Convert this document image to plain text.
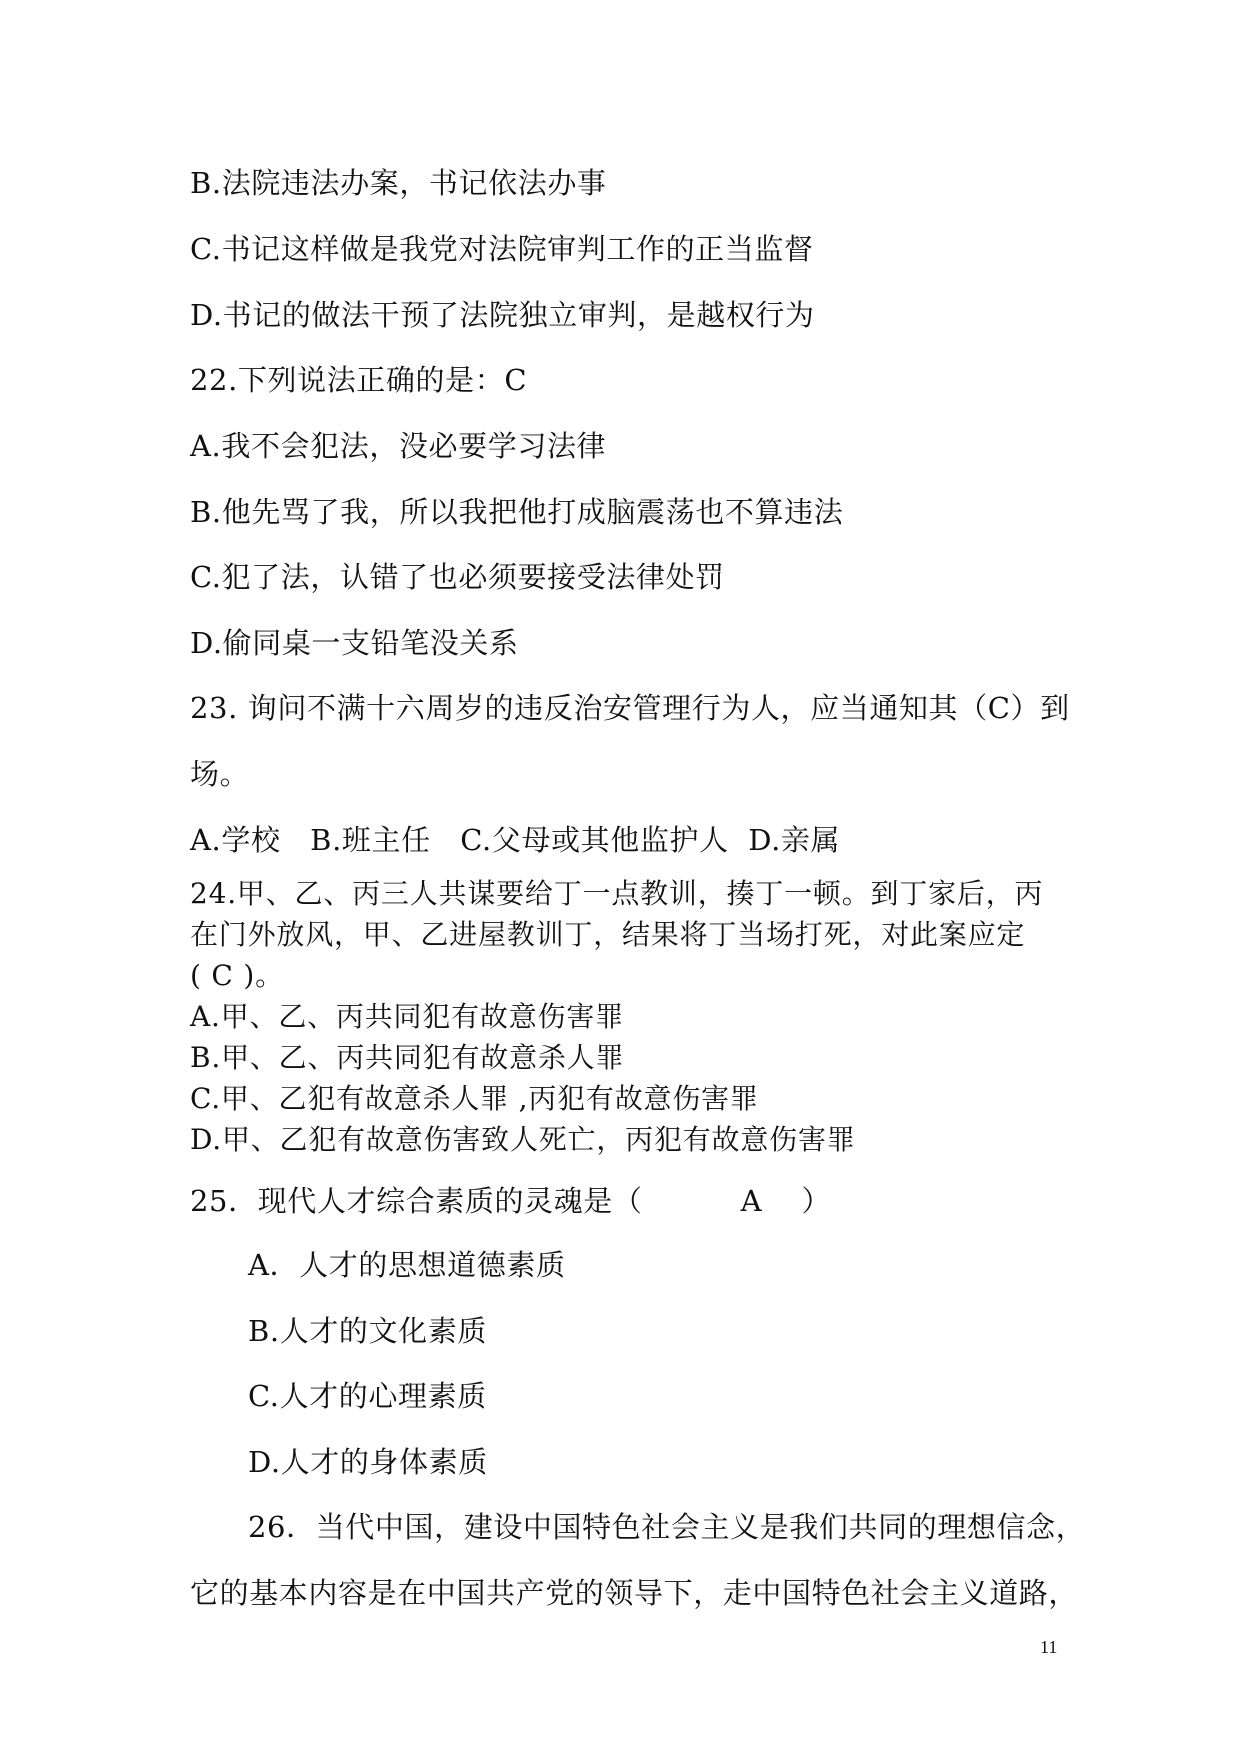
B.法院违法办案，书记依法办事
C.书记这样做是我党对法院审判工作的正当监督
D.书记的做法干预了法院独立审判，是越权行为
22.下列说法正确的是：C
A.我不会犯法，没必要学习法律
B.他先骂了我，所以我把他打成脑震荡也不算违法
C.犯了法，认错了也必须要接受法律处罚
D.偷同桌一支铅笔没关系
23. 询问不满十六周岁的违反治安管理行为人，应当通知其（C）到
场。
A.学校　B.班主任　C.父母或其他监护人  D.亲属
24.甲、乙、丙三人共谋要给丁一点教训，揍丁一顿。到丁家后，丙
在门外放风，甲、乙进屋教训丁，结果将丁当场打死，对此案应定
( C )。
A.甲、乙、丙共同犯有故意伤害罪
B.甲、乙、丙共同犯有故意杀人罪
C.甲、乙犯有故意杀人罪 ,丙犯有故意伤害罪
D.甲、乙犯有故意伤害致人死亡，丙犯有故意伤害罪
25．现代人才综合素质的灵魂是（          A    ）
A．人才的思想道德素质
B.人才的文化素质
C.人才的心理素质
D.人才的身体素质
26．当代中国，建设中国特色社会主义是我们共同的理想信念，
它的基本内容是在中国共产党的领导下，走中国特色社会主义道路，
11
